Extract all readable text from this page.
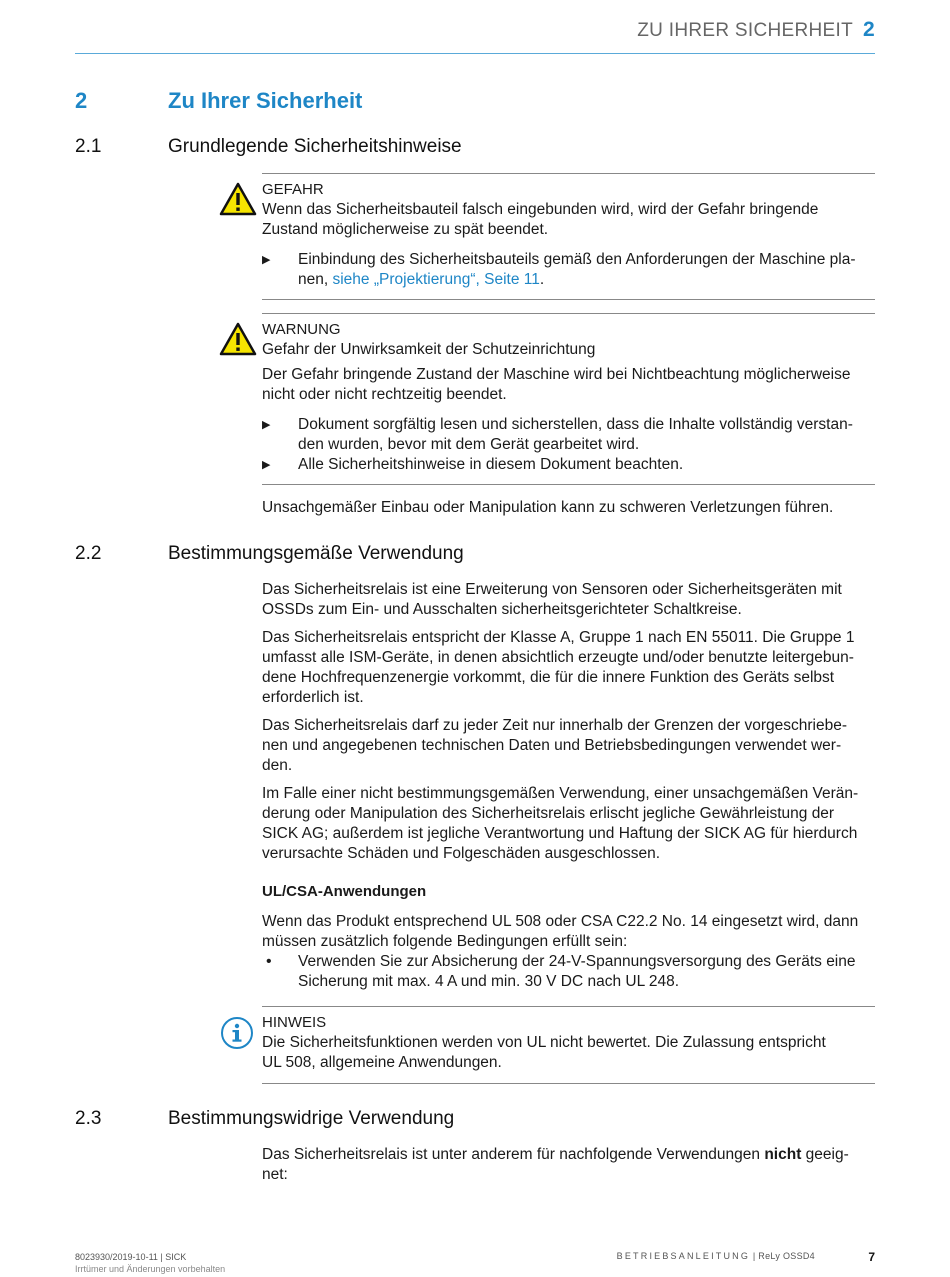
ZU IHRER SICHERHEIT 2
2	Zu Ihrer Sicherheit
2.1	Grundlegende Sicherheitshinweise

GEFAHR

Wenn das Sicherheitsbauteil falsch eingebunden wird, wird der Gefahr bringende

Zustand möglicherweise zu spät beendet.

▶ Einbindung des Sicherheitsbauteils gemäß den Anforderungen der Maschine pla-

nen, siehe „Projektierung“, Seite 11.

WARNUNG

Gefahr der Unwirksamkeit der Schutzeinrichtung

Der Gefahr bringende Zustand der Maschine wird bei Nichtbeachtung möglicherweise

nicht oder nicht rechtzeitig beendet.

▶ Dokument sorgfältig lesen und sicherstellen, dass die Inhalte vollständig verstan-

den wurden, bevor mit dem Gerät gearbeitet wird.

▶ Alle Sicherheitshinweise in diesem Dokument beachten.

Unsachgemäßer Einbau oder Manipulation kann zu schweren Verletzungen führen.
2.2	Bestimmungsgemäße Verwendung

Das Sicherheitsrelais ist eine Erweiterung von Sensoren oder Sicherheitsgeräten mit

OSSDs zum Ein- und Ausschalten sicherheitsgerichteter Schaltkreise.

Das Sicherheitsrelais entspricht der Klasse A, Gruppe 1 nach EN 55011. Die Gruppe 1

umfasst alle ISM-Geräte, in denen absichtlich erzeugte und/oder benutzte leitergebun-

dene Hochfrequenzenergie vorkommt, die für die innere Funktion des Geräts selbst

erforderlich ist.

Das Sicherheitsrelais darf zu jeder Zeit nur innerhalb der Grenzen der vorgeschriebe-

nen und angegebenen technischen Daten und Betriebsbedingungen verwendet wer-

den.

Im Falle einer nicht bestimmungsgemäßen Verwendung, einer unsachgemäßen Verän-

derung oder Manipulation des Sicherheitsrelais erlischt jegliche Gewährleistung der

SICK AG; außerdem ist jegliche Verantwortung und Haftung der SICK AG für hierdurch

verursachte Schäden und Folgeschäden ausgeschlossen.

UL/CSA-Anwendungen

Wenn das Produkt entsprechend UL 508 oder CSA C22.2 No. 14 eingesetzt wird, dann

müssen zusätzlich folgende Bedingungen erfüllt sein:

• Verwenden Sie zur Absicherung der 24-V-Spannungsversorgung des Geräts eine

Sicherung mit max. 4 A und min. 30 V DC nach UL 248.

HINWEIS

Die Sicherheitsfunktionen werden von UL nicht bewertet. Die Zulassung entspricht

UL 508, allgemeine Anwendungen.

2.3	Bestimmungswidrige Verwendung

Das Sicherheitsrelais ist unter anderem für nachfolgende Verwendungen nicht geeig-

net:

8023930/2019-10-11 | SICK
Irrtümer und Änderungen vorbehalten
BETRIEBSANLEITUNG | ReLy OSSD4	7
